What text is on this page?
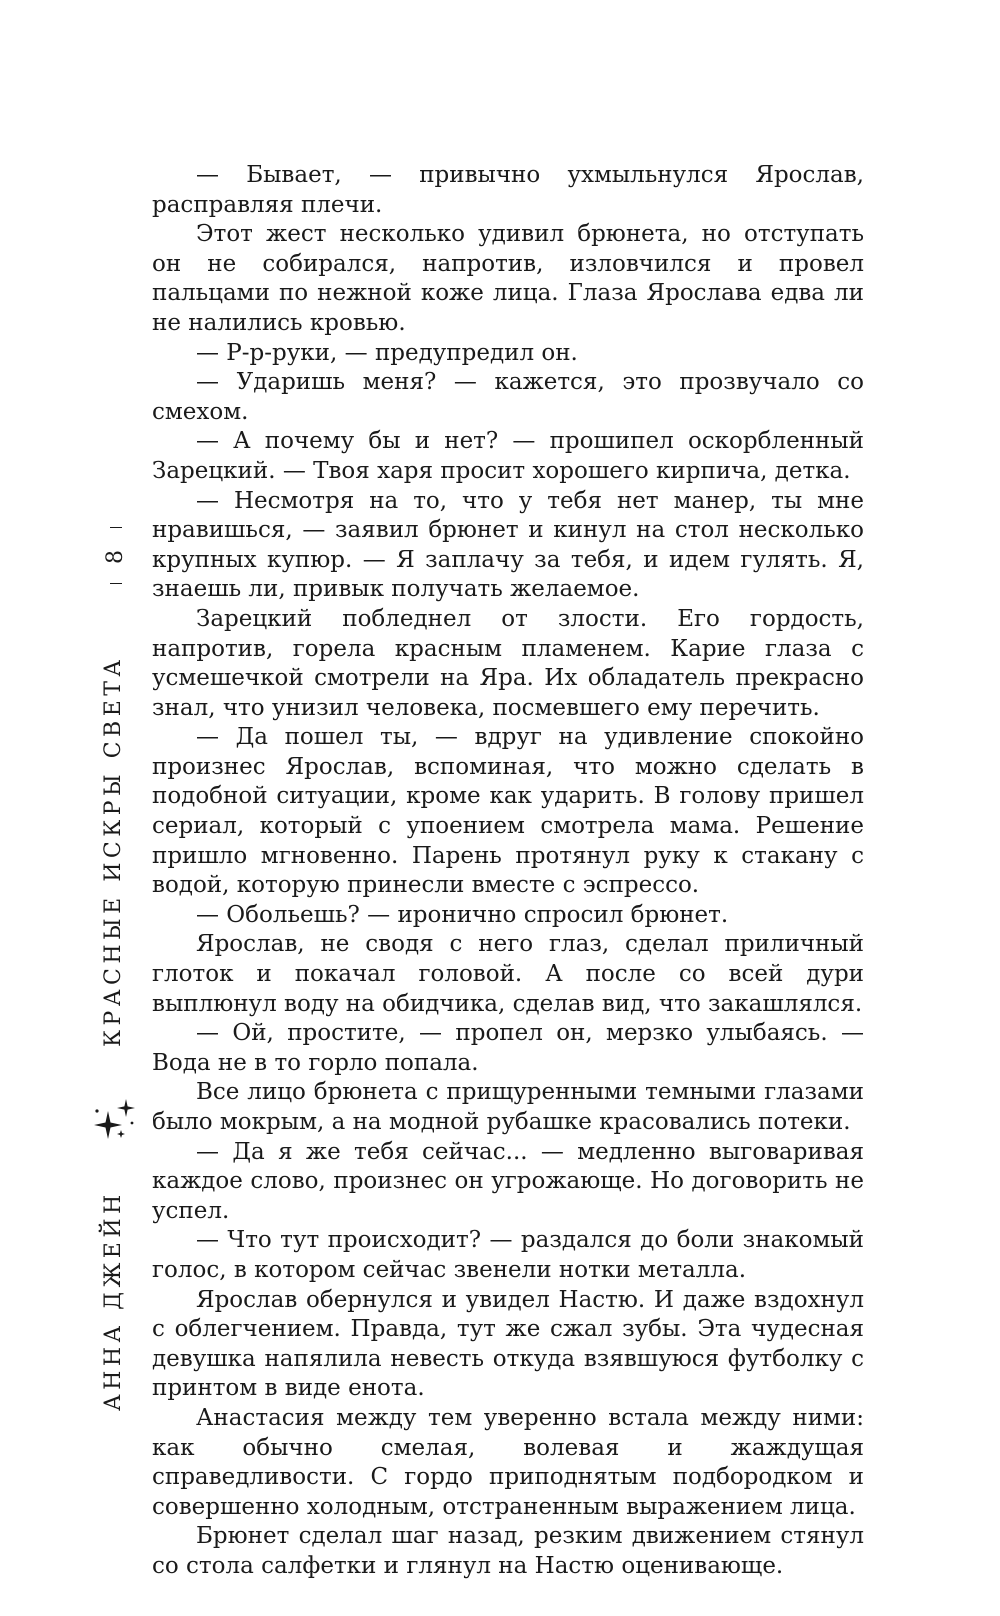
— Бывает, — привычно ухмыльнулся Ярослав, расправляя плечи.

Этот жест несколько удивил брюнета, но отступать он не собирался, напротив, изловчился и провел пальцами по нежной коже лица. Глаза Ярослава едва ли не налились кровью.

— Р-р-руки, — предупредил он.

— Ударишь меня? — кажется, это прозвучало со смехом.

— А почему бы и нет? — прошипел оскорбленный Зарецкий. — Твоя харя просит хорошего кирпича, детка.

— Несмотря на то, что у тебя нет манер, ты мне нравишься, — заявил брюнет и кинул на стол несколько крупных купюр. — Я заплачу за тебя, и идем гулять. Я, знаешь ли, привык получать желаемое.

Зарецкий побледнел от злости. Его гордость, напротив, горела красным пламенем. Карие глаза с усмешечкой смотрели на Яра. Их обладатель прекрасно знал, что унизил человека, посмевшего ему перечить.

— Да пошел ты, — вдруг на удивление спокойно произнес Ярослав, вспоминая, что можно сделать в подобной ситуации, кроме как ударить. В голову пришел сериал, который с упоением смотрела мама. Решение пришло мгновенно. Парень протянул руку к стакану с водой, которую принесли вместе с эспрессо.

— Обольешь? — иронично спросил брюнет.

Ярослав, не сводя с него глаз, сделал приличный глоток и покачал головой. А после со всей дури выплюнул воду на обидчика, сделав вид, что закашлялся.

— Ой, простите, — пропел он, мерзко улыбаясь. — Вода не в то горло попала.

Все лицо брюнета с прищуренными темными глазами было мокрым, а на модной рубашке красовались потеки.

— Да я же тебя сейчас... — медленно выговаривая каждое слово, произнес он угрожающе. Но договорить не успел.

— Что тут происходит? — раздался до боли знакомый голос, в котором сейчас звенели нотки металла.

Ярослав обернулся и увидел Настю. И даже вздохнул с облегчением. Правда, тут же сжал зубы. Эта чудесная девушка напялила невесть откуда взявшуюся футболку с принтом в виде енота.

Анастасия между тем уверенно встала между ними: как обычно смелая, волевая и жаждущая справедливости. С гордо приподнятым подбородком и совершенно холодным, отстраненным выражением лица.

Брюнет сделал шаг назад, резким движением стянул со стола салфетки и глянул на Настю оценивающе.

8
КРАСНЫЕ ИСКРЫ СВЕТА
АННА ДЖЕЙН
